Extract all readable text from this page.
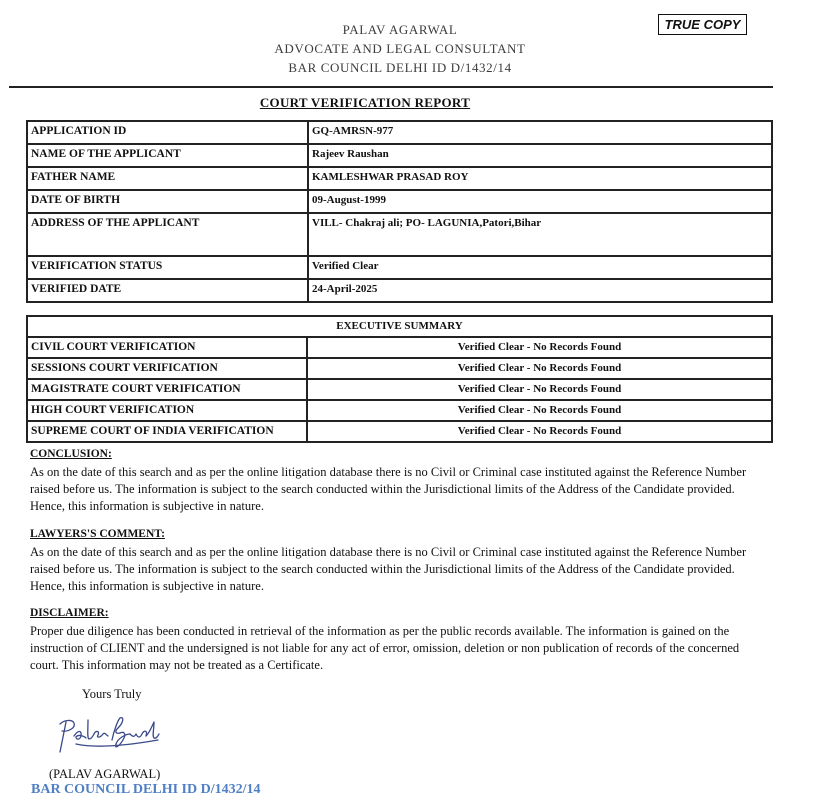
PALAV AGARWAL
ADVOCATE AND LEGAL CONSULTANT
BAR COUNCIL DELHI ID D/1432/14
TRUE COPY
COURT VERIFICATION REPORT
APPLICATION ID	GQ-AMRSN-977
NAME OF THE APPLICANT	Rajeev Raushan
FATHER NAME	KAMLESHWAR PRASAD ROY
DATE OF BIRTH	09-August-1999
ADDRESS OF THE APPLICANT	VILL- Chakraj ali; PO- LAGUNIA,Patori,Bihar
VERIFICATION STATUS	Verified Clear
VERIFIED DATE	24-April-2025
EXECUTIVE SUMMARY	
CIVIL COURT VERIFICATION	Verified Clear - No Records Found
SESSIONS COURT VERIFICATION	Verified Clear - No Records Found
MAGISTRATE COURT VERIFICATION	Verified Clear - No Records Found
HIGH COURT VERIFICATION	Verified Clear - No Records Found
SUPREME COURT OF INDIA VERIFICATION	Verified Clear - No Records Found
CONCLUSION:

As on the date of this search and as per the online litigation database there is no Civil or Criminal case instituted against the Reference Number raised before us. The information is subject to the search conducted within the Jurisdictional limits of the Address of the Candidate provided. Hence, this information is subjective in nature.

LAWYERS'S COMMENT:

As on the date of this search and as per the online litigation database there is no Civil or Criminal case instituted against the Reference Number raised before us. The information is subject to the search conducted within the Jurisdictional limits of the Address of the Candidate provided. Hence, this information is subjective in nature.

DISCLAIMER:

Proper due diligence has been conducted in retrieval of the information as per the public records available. The information is gained on the instruction of CLIENT and the undersigned is not liable for any act of error, omission, deletion or non publication of records of the concerned court. This information may not be treated as a Certificate.

Yours Truly
(PALAV AGARWAL)
BAR COUNCIL DELHI ID D/1432/14
